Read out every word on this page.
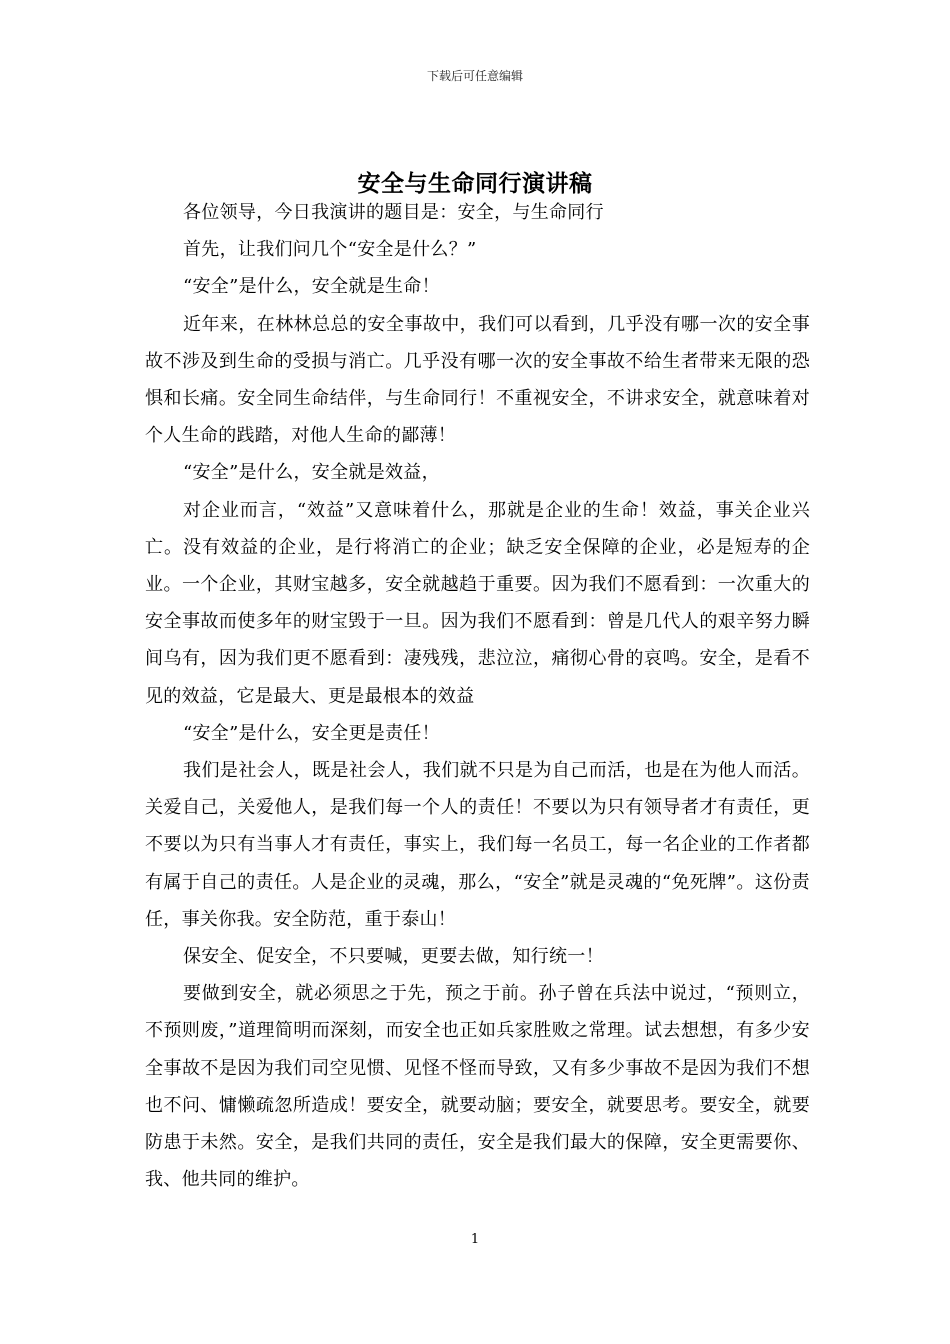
下载后可任意编辑
安全与生命同行演讲稿

各位领导，今日我演讲的题目是：安全，与生命同行

首先，让我们问几个“安全是什么？”

“安全”是什么，安全就是生命！

近年来，在林林总总的安全事故中，我们可以看到，几乎没有哪一次的安全事故不涉及到生命的受损与消亡。几乎没有哪一次的安全事故不给生者带来无限的恐惧和长痛。安全同生命结伴，与生命同行！不重视安全，不讲求安全，就意味着对个人生命的践踏，对他人生命的鄙薄！

“安全”是什么，安全就是效益，

对企业而言，“效益”又意味着什么，那就是企业的生命！效益，事关企业兴亡。没有效益的企业，是行将消亡的企业；缺乏安全保障的企业，必是短寿的企业。一个企业，其财宝越多，安全就越趋于重要。因为我们不愿看到：一次重大的安全事故而使多年的财宝毁于一旦。因为我们不愿看到：曾是几代人的艰辛努力瞬间乌有，因为我们更不愿看到：凄残残，悲泣泣，痛彻心骨的哀鸣。安全，是看不见的效益，它是最大、更是最根本的效益

“安全”是什么，安全更是责任！

我们是社会人，既是社会人，我们就不只是为自己而活，也是在为他人而活。关爱自己，关爱他人，是我们每一个人的责任！不要以为只有领导者才有责任，更不要以为只有当事人才有责任，事实上，我们每一名员工，每一名企业的工作者都有属于自己的责任。人是企业的灵魂，那么，“安全”就是灵魂的“免死牌”。这份责任，事关你我。安全防范，重于泰山！

保安全、促安全，不只要喊，更要去做，知行统一！

要做到安全，就必须思之于先，预之于前。孙子曾在兵法中说过，“预则立，不预则废，”道理简明而深刻，而安全也正如兵家胜败之常理。试去想想，有多少安全事故不是因为我们司空见惯、见怪不怪而导致，又有多少事故不是因为我们不想也不问、慵懒疏忽所造成！要安全，就要动脑；要安全，就要思考。要安全，就要防患于未然。安全，是我们共同的责任，安全是我们最大的保障，安全更需要你、我、他共同的维护。

1
